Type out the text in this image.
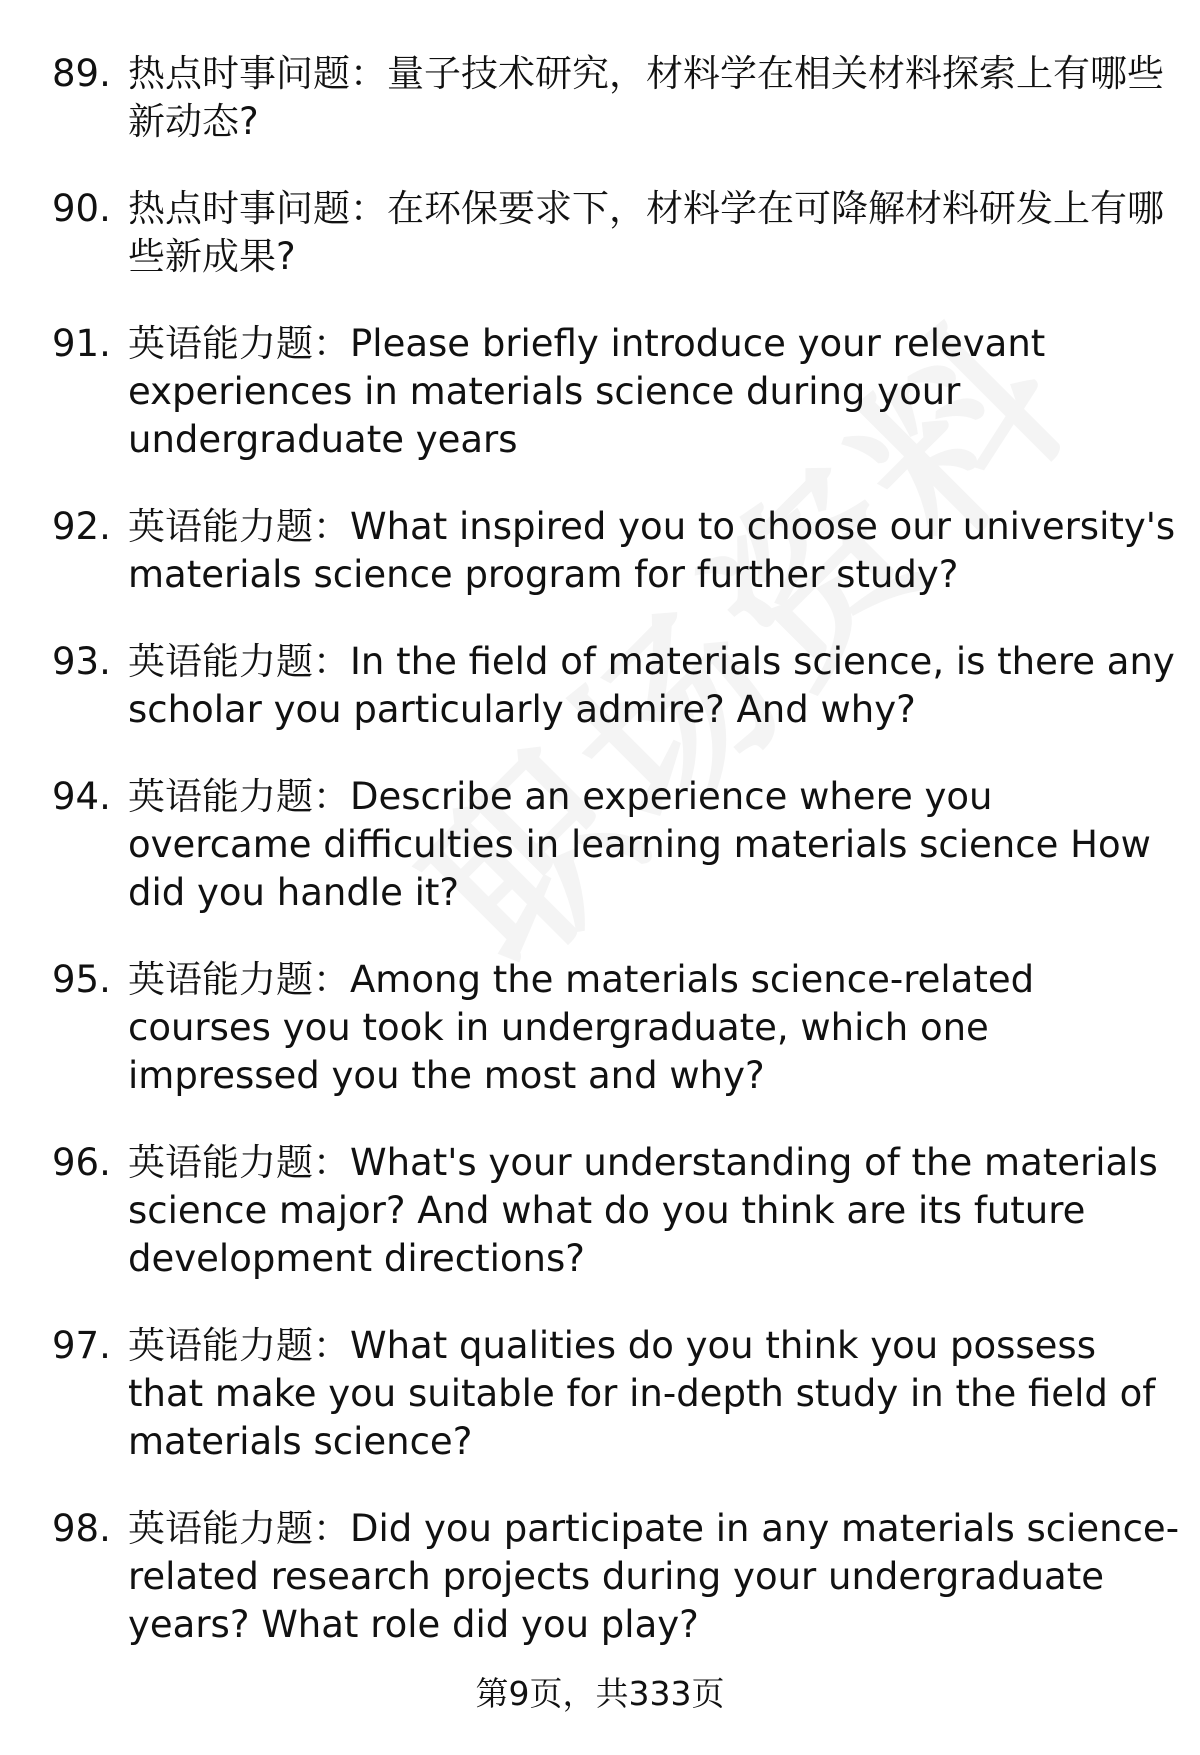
89. 热点时事问题：量子技术研究，材料学在相关材料探索上有哪些新动态?
90. 热点时事问题：在环保要求下，材料学在可降解材料研发上有哪些新成果?
91. 英语能力题：Please briefly introduce your relevant experiences in materials science during your undergraduate years
92. 英语能力题：What inspired you to choose our university's materials science program for further study?
93. 英语能力题：In the field of materials science, is there any scholar you particularly admire? And why?
94. 英语能力题：Describe an experience where you overcame difficulties in learning materials science How did you handle it?
95. 英语能力题：Among the materials science-related courses you took in undergraduate, which one impressed you the most and why?
96. 英语能力题：What's your understanding of the materials science major? And what do you think are its future development directions?
97. 英语能力题：What qualities do you think you possess that make you suitable for in-depth study in the field of materials science?
98. 英语能力题：Did you participate in any materials science-related research projects during your undergraduate years? What role did you play?
第9页，共333页
